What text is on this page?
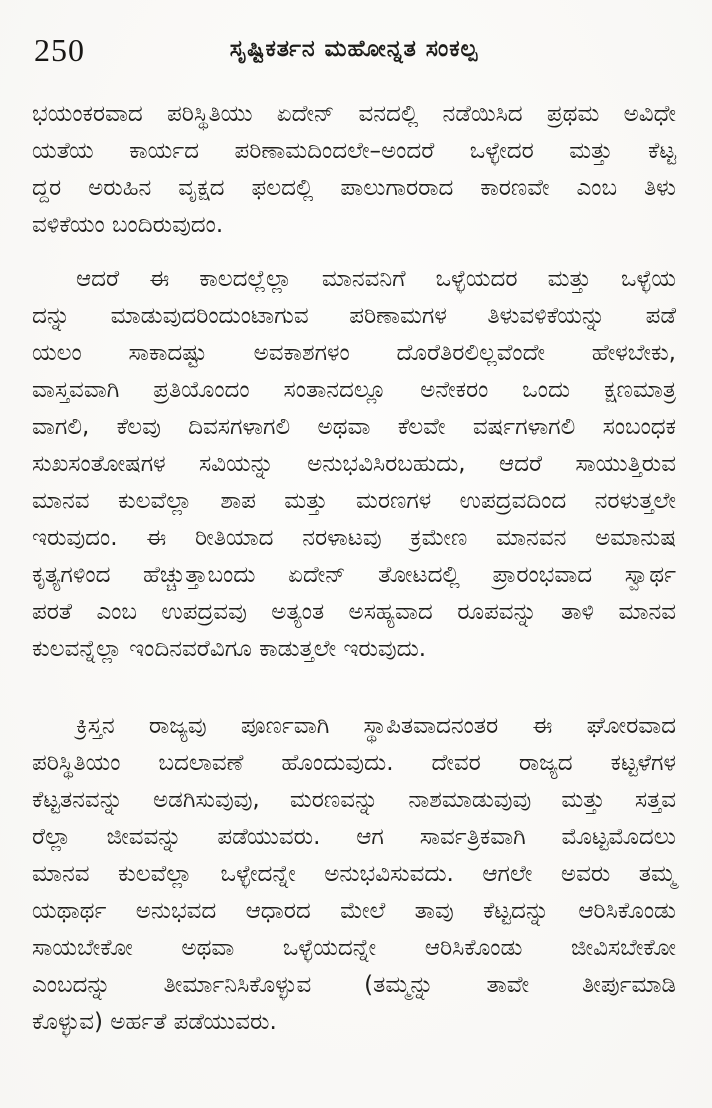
250	ಸೃಷ್ಟಿಕರ್ತನ ಮಹೋನ್ನತ ಸಂಕಲ್ಪ
ಭಯಂಕರವಾದ ಪರಿಸ್ಥಿತಿಯು ಏದೇನ್ ವನದಲ್ಲಿ ನಡೆಯಿಸಿದ ಪ್ರಥಮ ಅವಿಧೇ
ಯತೆಯ ಕಾರ್ಯದ ಪರಿಣಾಮದಿಂದಲೇ–ಅಂದರೆ ಒಳ್ಳೇದರ ಮತ್ತು ಕೆಟ್ಟ
ದ್ದರ ಅರುಹಿನ ವೃಕ್ಷದ ಫಲದಲ್ಲಿ ಪಾಲುಗಾರರಾದ ಕಾರಣವೇ ಎಂಬ ತಿಳು
ವಳಿಕೆಯಂ ಬಂದಿರುವುದಂ.
ಆದರೆ ಈ ಕಾಲದಲ್ಲೆಲ್ಲಾ ಮಾನವನಿಗೆ ಒಳ್ಳೆಯದರ ಮತ್ತು ಒಳ್ಳೆಯ
ದನ್ನು ಮಾಡುವುದರಿಂದುಂಟಾಗುವ ಪರಿಣಾಮಗಳ ತಿಳುವಳಿಕೆಯನ್ನು ಪಡೆ
ಯಲಂ ಸಾಕಾದಷ್ಟು ಅವಕಾಶಗಳಂ ದೊರೆತಿರಲಿಲ್ಲವೆಂದೇ ಹೇಳಬೇಕು,
ವಾಸ್ತವವಾಗಿ ಪ್ರತಿಯೊಂದಂ ಸಂತಾನದಲ್ಲೂ ಅನೇಕರಂ ಒಂದು ಕ್ಷಣಮಾತ್ರ
ವಾಗಲಿ, ಕೆಲವು ದಿವಸಗಳಾಗಲಿ ಅಥವಾ ಕೆಲವೇ ವರ್ಷಗಳಾಗಲಿ ಸಂಬಂಧಕ
ಸುಖಸಂತೋಷಗಳ ಸವಿಯನ್ನು ಅನುಭವಿಸಿರಬಹುದು, ಆದರೆ ಸಾಯುತ್ತಿರುವ
ಮಾನವ ಕುಲವೆಲ್ಲಾ ಶಾಪ ಮತ್ತು ಮರಣಗಳ ಉಪದ್ರವದಿಂದ ನರಳುತ್ತಲೇ
ಇರುವುದಂ. ಈ ರೀತಿಯಾದ ನರಳಾಟವು ಕ್ರಮೇಣ ಮಾನವನ ಅಮಾನುಷ
ಕೃತ್ಯಗಳಿಂದ ಹೆಚ್ಚುತ್ತಾಬಂದು ಏದೇನ್ ತೋಟದಲ್ಲಿ ಪ್ರಾರಂಭವಾದ ಸ್ವಾರ್ಥ
ಪರತೆ ಎಂಬ ಉಪದ್ರವವು ಅತ್ಯಂತ ಅಸಹ್ಯವಾದ ರೂಪವನ್ನು ತಾಳಿ ಮಾನವ
ಕುಲವನ್ನೆಲ್ಲಾ ಇಂದಿನವರೆವಿಗೂ ಕಾಡುತ್ತಲೇ ಇರುವುದು.
ಕ್ರಿಸ್ತನ ರಾಜ್ಯವು ಪೂರ್ಣವಾಗಿ ಸ್ಥಾಪಿತವಾದನಂತರ ಈ ಘೋರವಾದ
ಪರಿಸ್ಥಿತಿಯಂ ಬದಲಾವಣೆ ಹೊಂದುವುದು. ದೇವರ ರಾಜ್ಯದ ಕಟ್ಟಳೆಗಳ
ಕೆಟ್ಟತನವನ್ನು ಅಡಗಿಸುವುವು, ಮರಣವನ್ನು ನಾಶಮಾಡುವುವು ಮತ್ತು ಸತ್ತವ
ರೆಲ್ಲಾ ಜೀವವನ್ನು ಪಡೆಯುವರು. ಆಗ ಸಾರ್ವತ್ರಿಕವಾಗಿ ಮೊಟ್ಟಮೊದಲು
ಮಾನವ ಕುಲವೆಲ್ಲಾ ಒಳ್ಳೇದನ್ನೇ ಅನುಭವಿಸುವದು. ಆಗಲೇ ಅವರು ತಮ್ಮ
ಯಥಾರ್ಥ ಅನುಭವದ ಆಧಾರದ ಮೇಲೆ ತಾವು ಕೆಟ್ಟದನ್ನು ಆರಿಸಿಕೊಂಡು
ಸಾಯಬೇಕೋ ಅಥವಾ ಒಳ್ಳೆಯದನ್ನೇ ಆರಿಸಿಕೊಂಡು ಜೀವಿಸಬೇಕೋ
ಎಂಬದನ್ನು ತೀರ್ಮಾನಿಸಿಕೊಳ್ಳುವ (ತಮ್ಮನ್ನು ತಾವೇ ತೀರ್ಪುಮಾಡಿ
ಕೊಳ್ಳುವ) ಅರ್ಹತೆ ಪಡೆಯುವರು.
